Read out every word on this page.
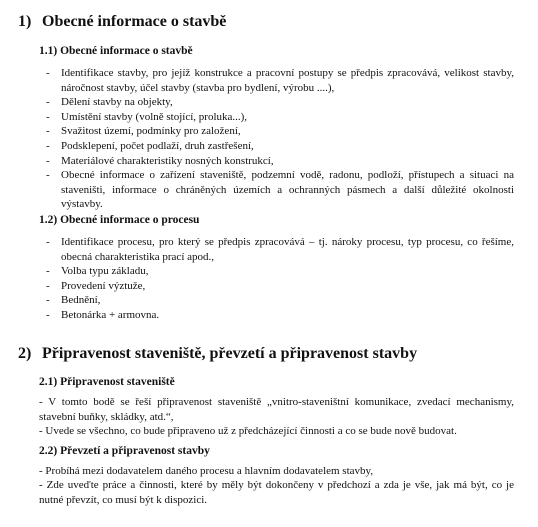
1) Obecné informace o stavbě
1.1) Obecné informace o stavbě
- Identifikace stavby, pro jejíž konstrukce a pracovní postupy se předpis zpracovává, velikost stavby, náročnost stavby, účel stavby (stavba pro bydlení, výrobu ....),
- Dělení stavby na objekty,
- Umístění stavby (volně stojící, proluka...),
- Svažitost území, podmínky pro založení,
- Podsklepení, počet podlaží, druh zastřešení,
- Materiálové charakteristiky nosných konstrukcí,
- Obecné informace o zařízení staveniště, podzemní vodě, radonu, podloží, přístupech a situaci na staveništi, informace o chráněných územích a ochranných pásmech a další důležité okolnosti výstavby.
1.2) Obecné informace o procesu
- Identifikace procesu, pro který se předpis zpracovává – tj. nároky procesu, typ procesu, co řešíme, obecná charakteristika prací apod.,
- Volba typu základu,
- Provedení výztuže,
- Bednění,
- Betonárka + armovna.
2) Připravenost staveniště, převzetí a připravenost stavby
2.1) Připravenost staveniště

- V tomto bodě se řeší připravenost staveniště „vnitro-staveništní komunikace, zvedací mechanismy, stavební buňky, skládky, atd.“,

- Uvede se všechno, co bude připraveno už z předcházející činnosti a co se bude nově budovat.

2.2) Převzetí a připravenost stavby

- Probíhá mezi dodavatelem daného procesu a hlavním dodavatelem stavby,

- Zde uveďte práce a činnosti, které by měly být dokončeny v předchozí a zda je vše, jak má být, co je nutné převzít, co musí být k dispozici.
